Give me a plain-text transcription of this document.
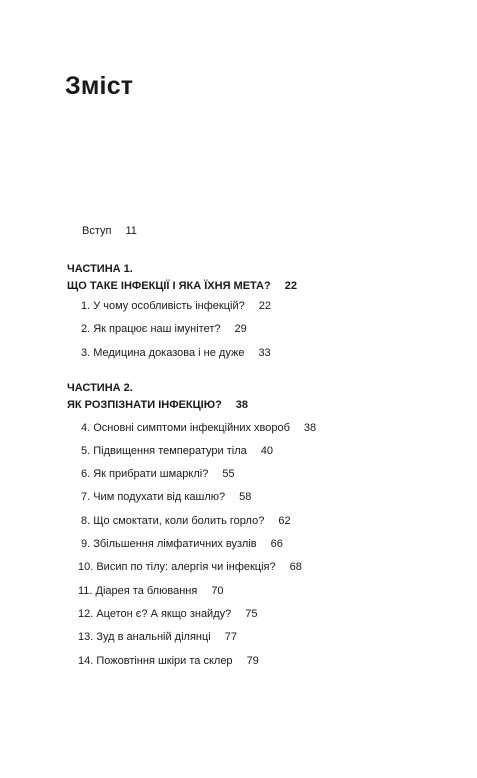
Зміст
Вступ 11
ЧАСТИНА 1.
ЩО ТАКЕ ІНФЕКЦІЇ І ЯКА ЇХНЯ МЕТА? 22
1. У чому особливість інфекцій? 22
2. Як працює наш імунітет? 29
3. Медицина доказова і не дуже 33
ЧАСТИНА 2.
ЯК РОЗПІЗНАТИ ІНФЕКЦІЮ? 38
4. Основні симптоми інфекційних хвороб 38
5. Підвищення температури тіла 40
6. Як прибрати шмарклі? 55
7. Чим подухати від кашлю? 58
8. Що смоктати, коли болить горло? 62
9. Збільшення лімфатичних вузлів 66
10. Висип по тілу: алергія чи інфекція? 68
11. Діарея та блювання 70
12. Ацетон є? А якщо знайду? 75
13. Зуд в анальній ділянці 77
14. Пожовтіння шкіри та склер 79
